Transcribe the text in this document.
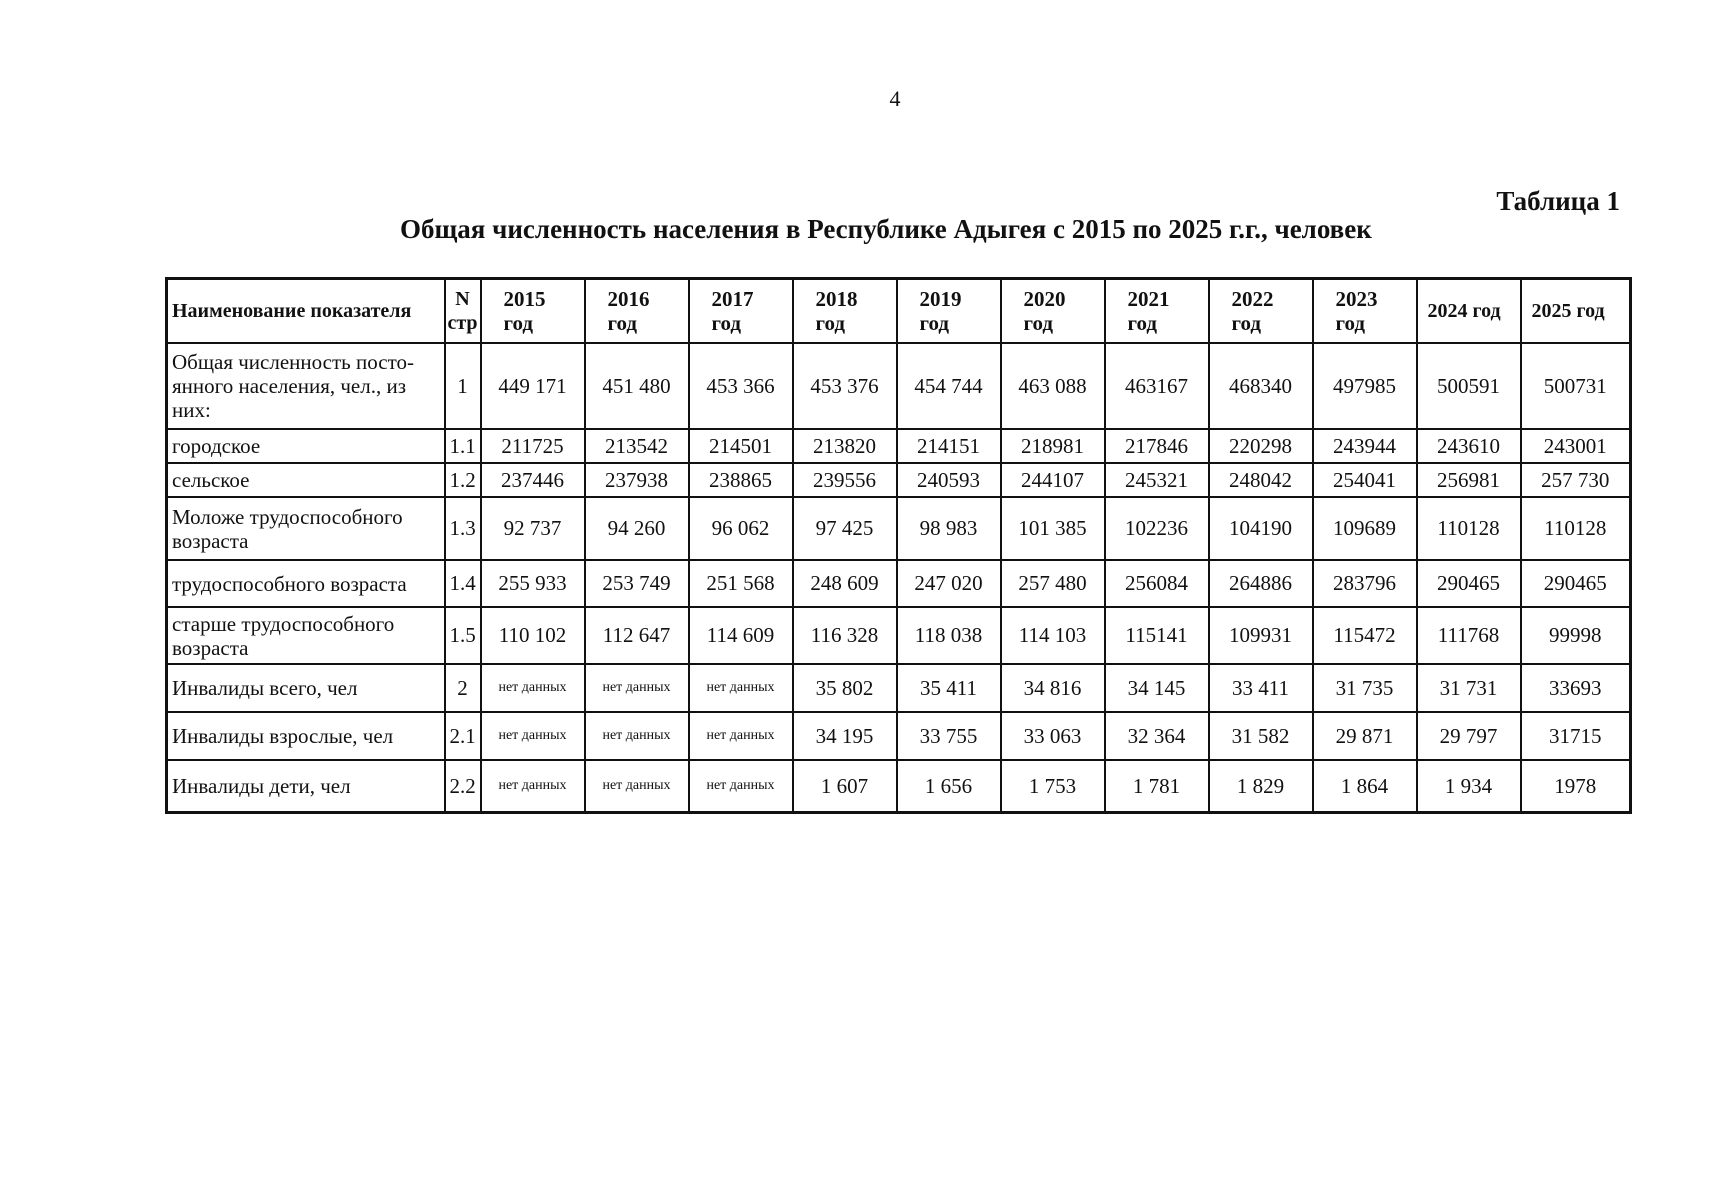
4
Таблица 1
Общая численность населения в Республике Адыгея с 2015 по 2025 г.г., человек
Наименование показателя	N стр	2015 год	2016 год	2017 год	2018 год	2019 год	2020 год	2021 год	2022 год	2023 год	2024 год	2025 год
Общая численность посто-янного населения, чел., из них:	1	449 171	451 480	453 366	453 376	454 744	463 088	463167	468340	497985	500591	500731
городское	1.1	211725	213542	214501	213820	214151	218981	217846	220298	243944	243610	243001
сельское	1.2	237446	237938	238865	239556	240593	244107	245321	248042	254041	256981	257 730
Моложе трудоспособного возраста	1.3	92 737	94 260	96 062	97 425	98 983	101 385	102236	104190	109689	110128	110128
трудоспособного возраста	1.4	255 933	253 749	251 568	248 609	247 020	257 480	256084	264886	283796	290465	290465
старше трудоспособного возраста	1.5	110 102	112 647	114 609	116 328	118 038	114 103	115141	109931	115472	111768	99998
Инвалиды всего, чел	2	нет данных	нет данных	нет данных	35 802	35 411	34 816	34 145	33 411	31 735	31 731	33693
Инвалиды взрослые, чел	2.1	нет данных	нет данных	нет данных	34 195	33 755	33 063	32 364	31 582	29 871	29 797	31715
Инвалиды дети, чел	2.2	нет данных	нет данных	нет данных	1 607	1 656	1 753	1 781	1 829	1 864	1 934	1978
